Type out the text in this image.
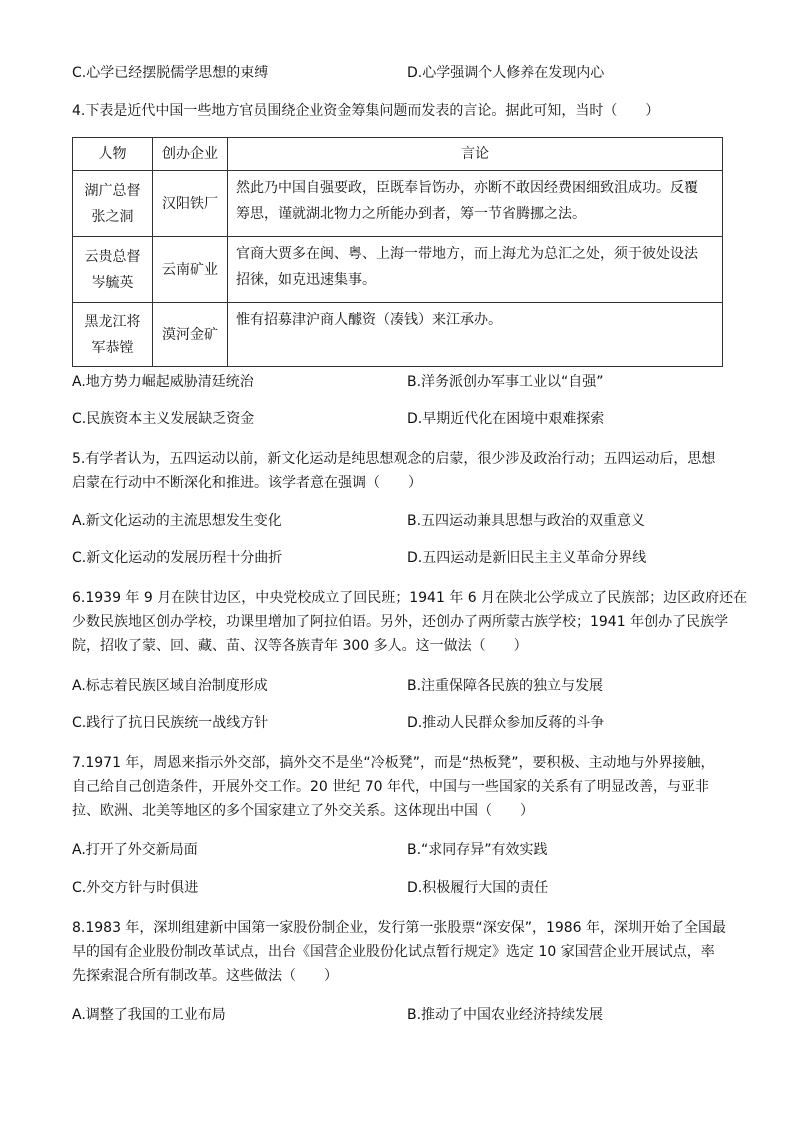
C.心学已经摆脱儒学思想的束缚	D.心学强调个人修养在发现内心
4.下表是近代中国一些地方官员围绕企业资金筹集问题而发表的言论。据此可知，当时（　　）
人物	创办企业	言论

湖广总督
张之洞	汉阳铁厂	然此乃中国自强要政，臣既奉旨饬办，亦断不敢因经费困细致沮成功。反覆
筹思，谨就湖北物力之所能办到者，筹一节省腾挪之法。

云贵总督
岑毓英	云南矿业	官商大贾多在闽、粤、上海一带地方，而上海尤为总汇之处，须于彼处设法
招徕，如克迅速集事。

黑龙江将
军恭镗	漠河金矿	惟有招募津沪商人醵资（凑钱）来江承办。
A.地方势力崛起威胁清廷统治	B.洋务派创办军事工业以“自强”
C.民族资本主义发展缺乏资金	D.早期近代化在困境中艰难探索
5.有学者认为，五四运动以前，新文化运动是纯思想观念的启蒙，很少涉及政治行动；五四运动后，思想
启蒙在行动中不断深化和推进。该学者意在强调（　　）
A.新文化运动的主流思想发生变化	B.五四运动兼具思想与政治的双重意义
C.新文化运动的发展历程十分曲折	D.五四运动是新旧民主主义革命分界线
6.1939 年 9 月在陕甘边区，中央党校成立了回民班；1941 年 6 月在陕北公学成立了民族部；边区政府还在
少数民族地区创办学校，功课里增加了阿拉伯语。另外，还创办了两所蒙古族学校；1941 年创办了民族学
院，招收了蒙、回、藏、苗、汉等各族青年 300 多人。这一做法（　　）
A.标志着民族区域自治制度形成	B.注重保障各民族的独立与发展
C.践行了抗日民族统一战线方针	D.推动人民群众参加反蒋的斗争
7.1971 年，周恩来指示外交部，搞外交不是坐“冷板凳”，而是“热板凳”，要积极、主动地与外界接触，
自己给自己创造条件，开展外交工作。20 世纪 70 年代，中国与一些国家的关系有了明显改善，与亚非
拉、欧洲、北美等地区的多个国家建立了外交关系。这体现出中国（　　）
A.打开了外交新局面	B.“求同存异”有效实践
C.外交方针与时俱进	D.积极履行大国的责任
8.1983 年，深圳组建新中国第一家股份制企业，发行第一张股票“深安保”，1986 年，深圳开始了全国最
早的国有企业股份制改革试点，出台《国营企业股份化试点暂行规定》选定 10 家国营企业开展试点，率
先探索混合所有制改革。这些做法（　　）
A.调整了我国的工业布局	B.推动了中国农业经济持续发展
